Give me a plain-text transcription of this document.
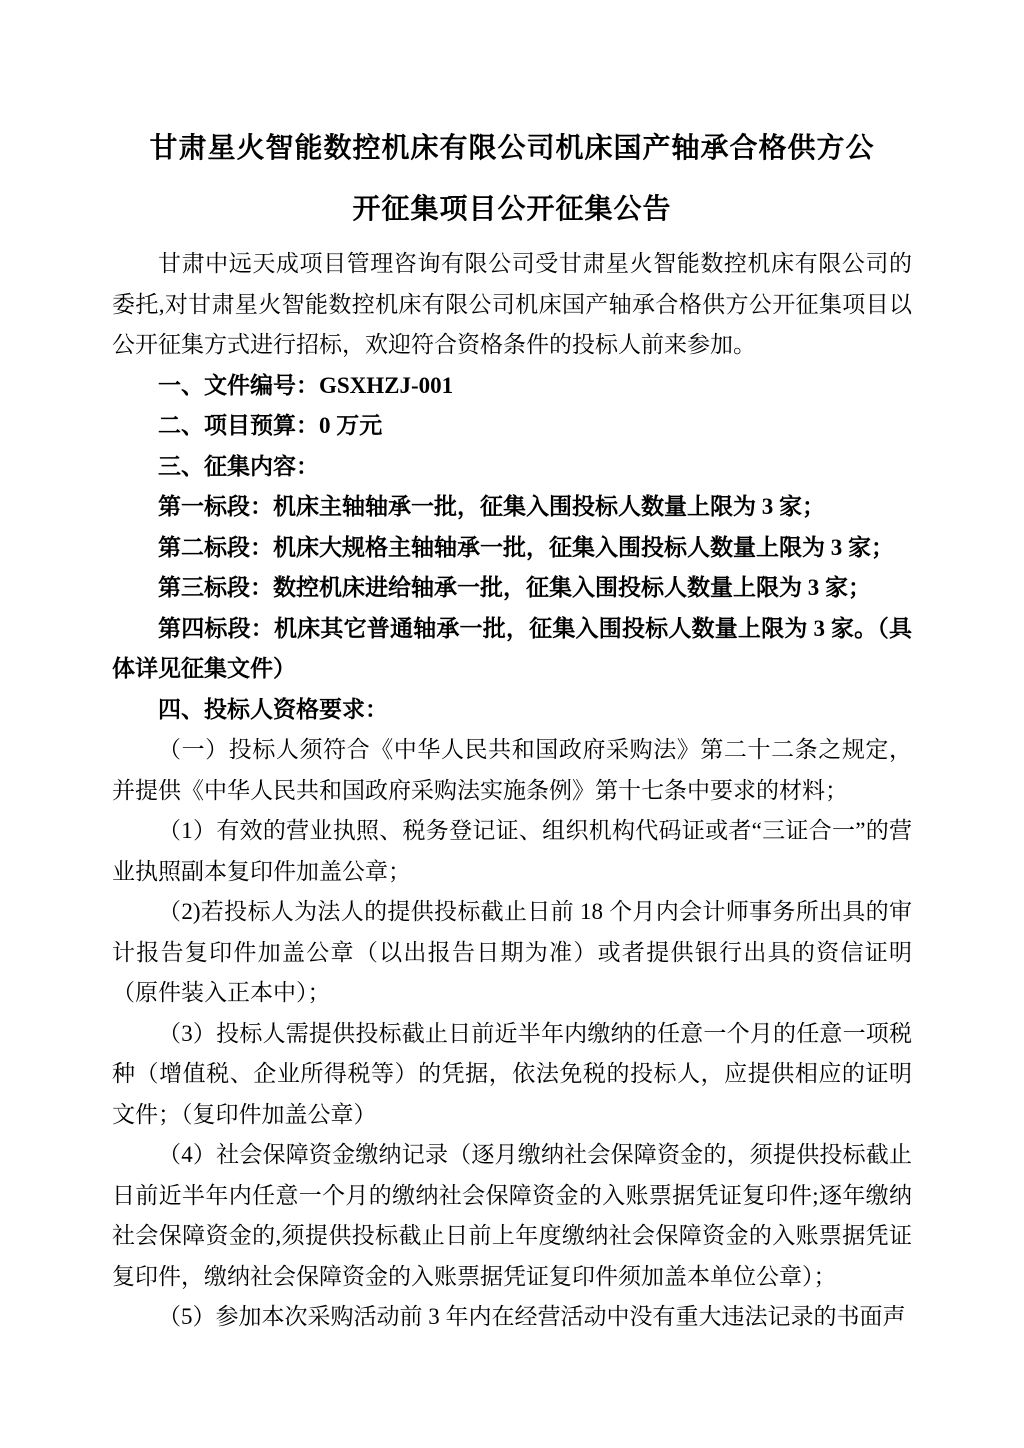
甘肃星火智能数控机床有限公司机床国产轴承合格供方公
开征集项目公开征集公告

甘肃中远天成项目管理咨询有限公司受甘肃星火智能数控机床有限公司的委托,对甘肃星火智能数控机床有限公司机床国产轴承合格供方公开征集项目以公开征集方式进行招标，欢迎符合资格条件的投标人前来参加。

一、文件编号：GSXHZJ-001

二、项目预算：0 万元

三、征集内容：

第一标段：机床主轴轴承一批，征集入围投标人数量上限为 3 家；

第二标段：机床大规格主轴轴承一批，征集入围投标人数量上限为 3 家；

第三标段：数控机床进给轴承一批，征集入围投标人数量上限为 3 家；

第四标段：机床其它普通轴承一批，征集入围投标人数量上限为 3 家。（具体详见征集文件）

四、投标人资格要求：

（一）投标人须符合《中华人民共和国政府采购法》第二十二条之规定，并提供《中华人民共和国政府采购法实施条例》第十七条中要求的材料；

（1）有效的营业执照、税务登记证、组织机构代码证或者“三证合一”的营业执照副本复印件加盖公章；

（2)若投标人为法人的提供投标截止日前 18 个月内会计师事务所出具的审计报告复印件加盖公章（以出报告日期为准）或者提供银行出具的资信证明（原件装入正本中）；

（3）投标人需提供投标截止日前近半年内缴纳的任意一个月的任意一项税种（增值税、企业所得税等）的凭据，依法免税的投标人，应提供相应的证明文件；（复印件加盖公章）

（4）社会保障资金缴纳记录（逐月缴纳社会保障资金的，须提供投标截止日前近半年内任意一个月的缴纳社会保障资金的入账票据凭证复印件;逐年缴纳社会保障资金的,须提供投标截止日前上年度缴纳社会保障资金的入账票据凭证复印件，缴纳社会保障资金的入账票据凭证复印件须加盖本单位公章）；

（5）参加本次采购活动前 3 年内在经营活动中没有重大违法记录的书面声
